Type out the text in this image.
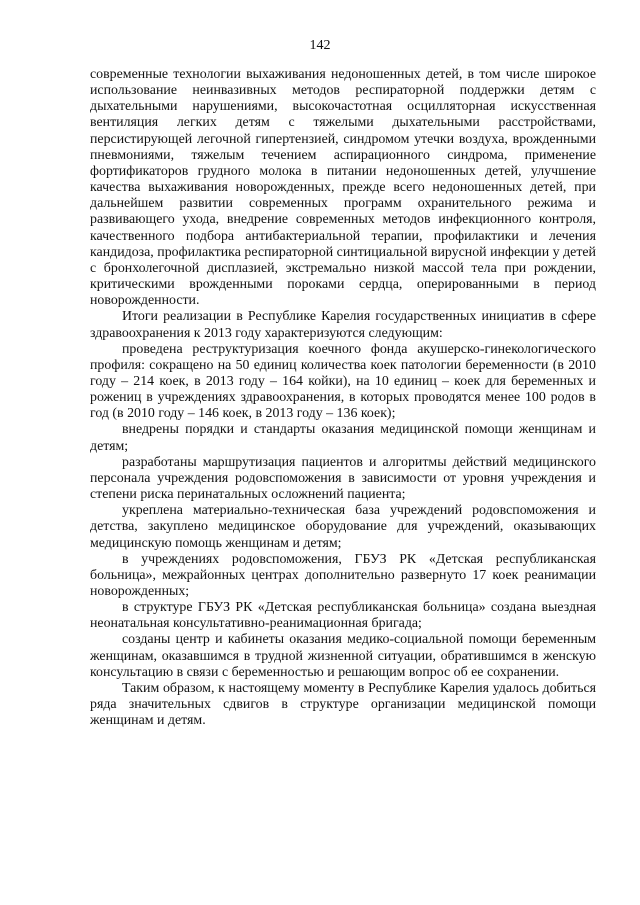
142

современные технологии выхаживания недоношенных детей, в том числе широкое использование неинвазивных методов респираторной поддержки детям с дыхательными нарушениями, высокочастотная осцилляторная искусственная вентиляция легких детям с тяжелыми дыхательными расстройствами, персистирующей легочной гипертензией, синдромом утечки воздуха, врожденными пневмониями, тяжелым течением аспирационного синдрома, применение фортификаторов грудного молока в питании недоношенных детей, улучшение качества выхаживания новорожденных, прежде всего недоношенных детей, при дальнейшем развитии современных программ охранительного режима и развивающего ухода, внедрение современных методов инфекционного контроля, качественного подбора антибактериальной терапии, профилактики и лечения кандидоза, профилактика респираторной синтициальной вирусной инфекции у детей с бронхолегочной дисплазией, экстремально низкой массой тела при рождении, критическими врожденными пороками сердца, оперированными в период новорожденности.

Итоги реализации в Республике Карелия государственных инициатив в сфере здравоохранения к 2013 году характеризуются следующим:

проведена реструктуризация коечного фонда акушерско-гинекологического профиля: сокращено на 50 единиц количества коек патологии беременности (в 2010 году – 214 коек, в 2013 году – 164 койки), на 10 единиц – коек для беременных и рожениц в учреждениях здравоохранения, в которых проводятся менее 100 родов в год (в 2010 году – 146 коек, в 2013 году – 136 коек);

внедрены порядки и стандарты оказания медицинской помощи женщинам и детям;

разработаны маршрутизация пациентов и алгоритмы действий медицинского персонала учреждения родовспоможения в зависимости от уровня учреждения и степени риска перинатальных осложнений пациента;

укреплена материально-техническая база учреждений родовспоможения и детства, закуплено медицинское оборудование для учреждений, оказывающих медицинскую помощь женщинам и детям;

в учреждениях родовспоможения, ГБУЗ РК «Детская республиканская больница», межрайонных центрах дополнительно развернуто 17 коек реанимации новорожденных;

в структуре ГБУЗ РК «Детская республиканская больница» создана выездная неонатальная консультативно-реанимационная бригада;

созданы центр и кабинеты оказания медико-социальной помощи беременным женщинам, оказавшимся в трудной жизненной ситуации, обратившимся в женскую консультацию в связи с беременностью и решающим вопрос об ее сохранении.

Таким образом, к настоящему моменту в Республике Карелия удалось добиться ряда значительных сдвигов в структуре организации медицинской помощи женщинам и детям.
